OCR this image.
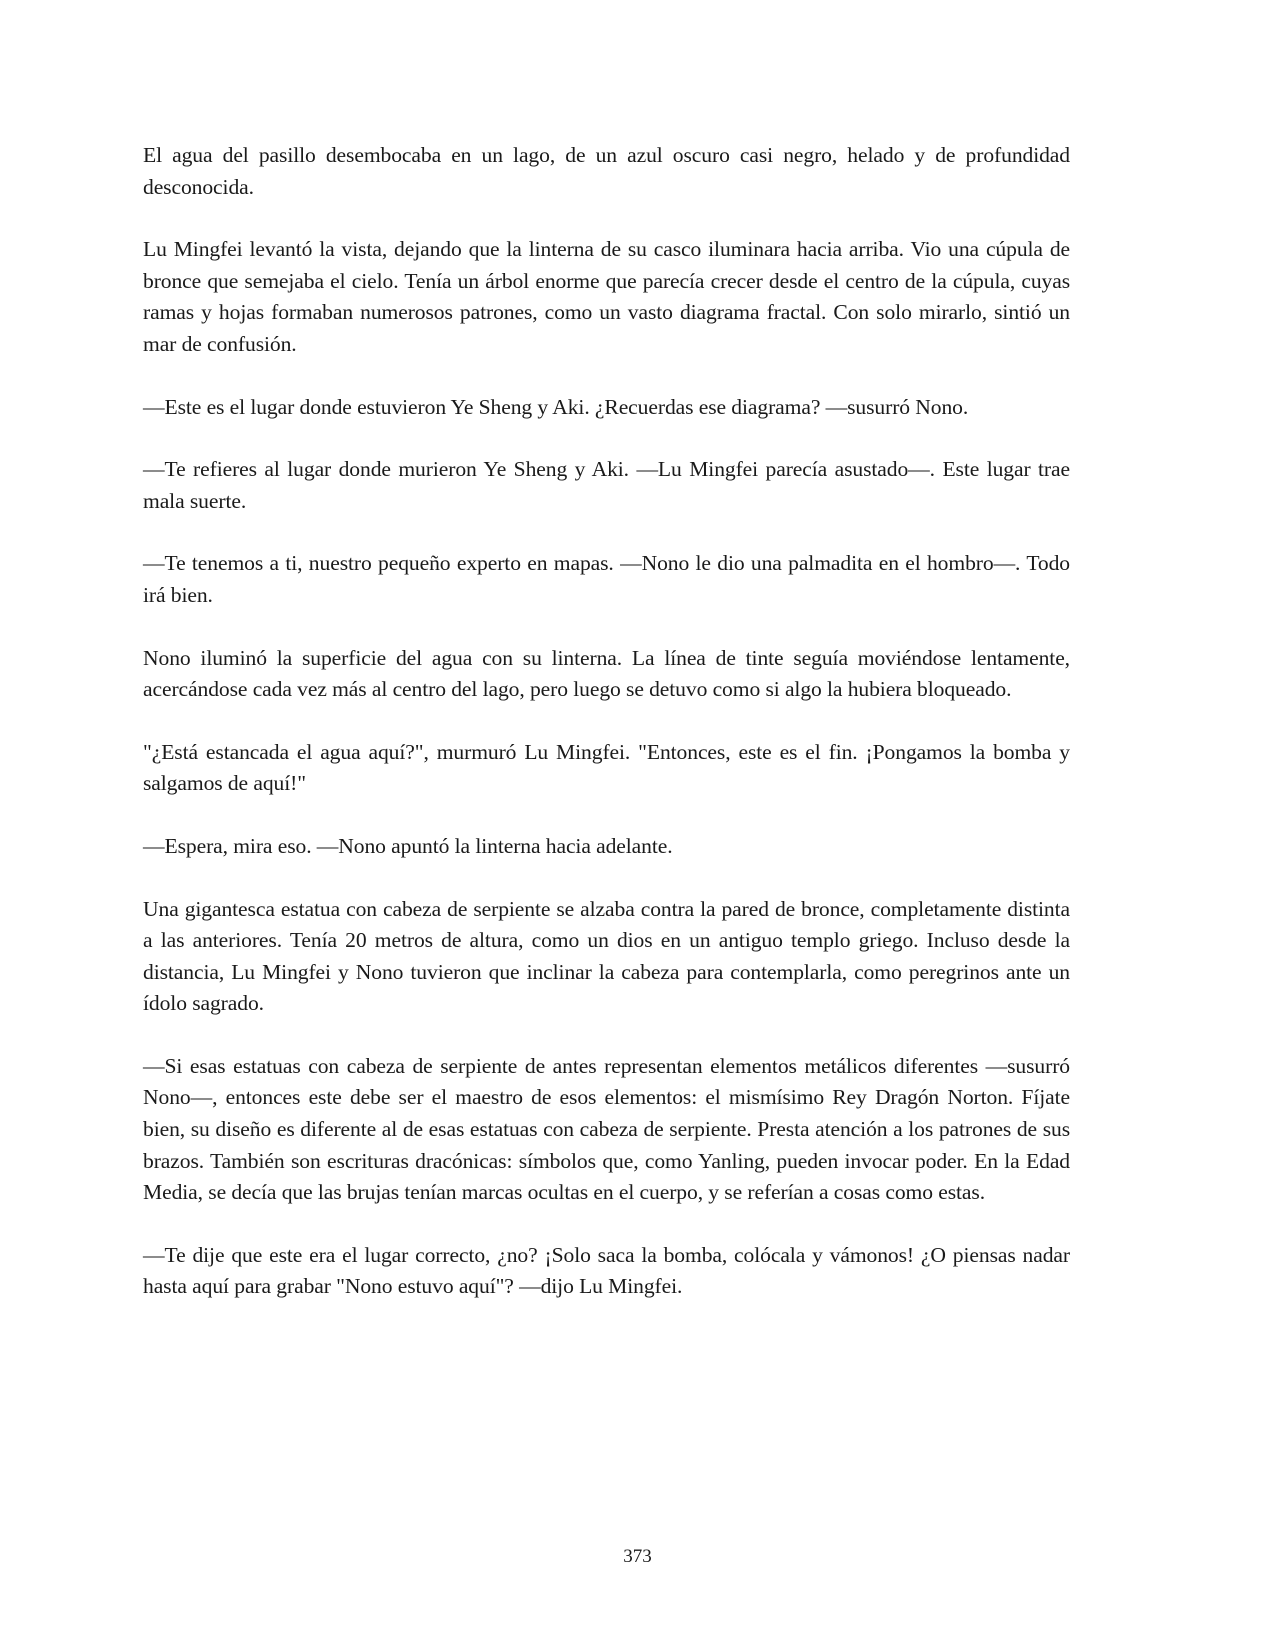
El agua del pasillo desembocaba en un lago, de un azul oscuro casi negro, helado y de profundidad desconocida.

Lu Mingfei levantó la vista, dejando que la linterna de su casco iluminara hacia arriba. Vio una cúpula de bronce que semejaba el cielo. Tenía un árbol enorme que parecía crecer desde el centro de la cúpula, cuyas ramas y hojas formaban numerosos patrones, como un vasto diagrama fractal. Con solo mirarlo, sintió un mar de confusión.

—Este es el lugar donde estuvieron Ye Sheng y Aki. ¿Recuerdas ese diagrama? —susurró Nono.

—Te refieres al lugar donde murieron Ye Sheng y Aki. —Lu Mingfei parecía asustado—. Este lugar trae mala suerte.

—Te tenemos a ti, nuestro pequeño experto en mapas. —Nono le dio una palmadita en el hombro—. Todo irá bien.

Nono iluminó la superficie del agua con su linterna. La línea de tinte seguía moviéndose lentamente, acercándose cada vez más al centro del lago, pero luego se detuvo como si algo la hubiera bloqueado.

"¿Está estancada el agua aquí?", murmuró Lu Mingfei. "Entonces, este es el fin. ¡Pongamos la bomba y salgamos de aquí!"

—Espera, mira eso. —Nono apuntó la linterna hacia adelante.

Una gigantesca estatua con cabeza de serpiente se alzaba contra la pared de bronce, completamente distinta a las anteriores. Tenía 20 metros de altura, como un dios en un antiguo templo griego. Incluso desde la distancia, Lu Mingfei y Nono tuvieron que inclinar la cabeza para contemplarla, como peregrinos ante un ídolo sagrado.

—Si esas estatuas con cabeza de serpiente de antes representan elementos metálicos diferentes —susurró Nono—, entonces este debe ser el maestro de esos elementos: el mismísimo Rey Dragón Norton. Fíjate bien, su diseño es diferente al de esas estatuas con cabeza de serpiente. Presta atención a los patrones de sus brazos. También son escrituras dracónicas: símbolos que, como Yanling, pueden invocar poder. En la Edad Media, se decía que las brujas tenían marcas ocultas en el cuerpo, y se referían a cosas como estas.

—Te dije que este era el lugar correcto, ¿no? ¡Solo saca la bomba, colócala y vámonos! ¿O piensas nadar hasta aquí para grabar "Nono estuvo aquí"? —dijo Lu Mingfei.

373
